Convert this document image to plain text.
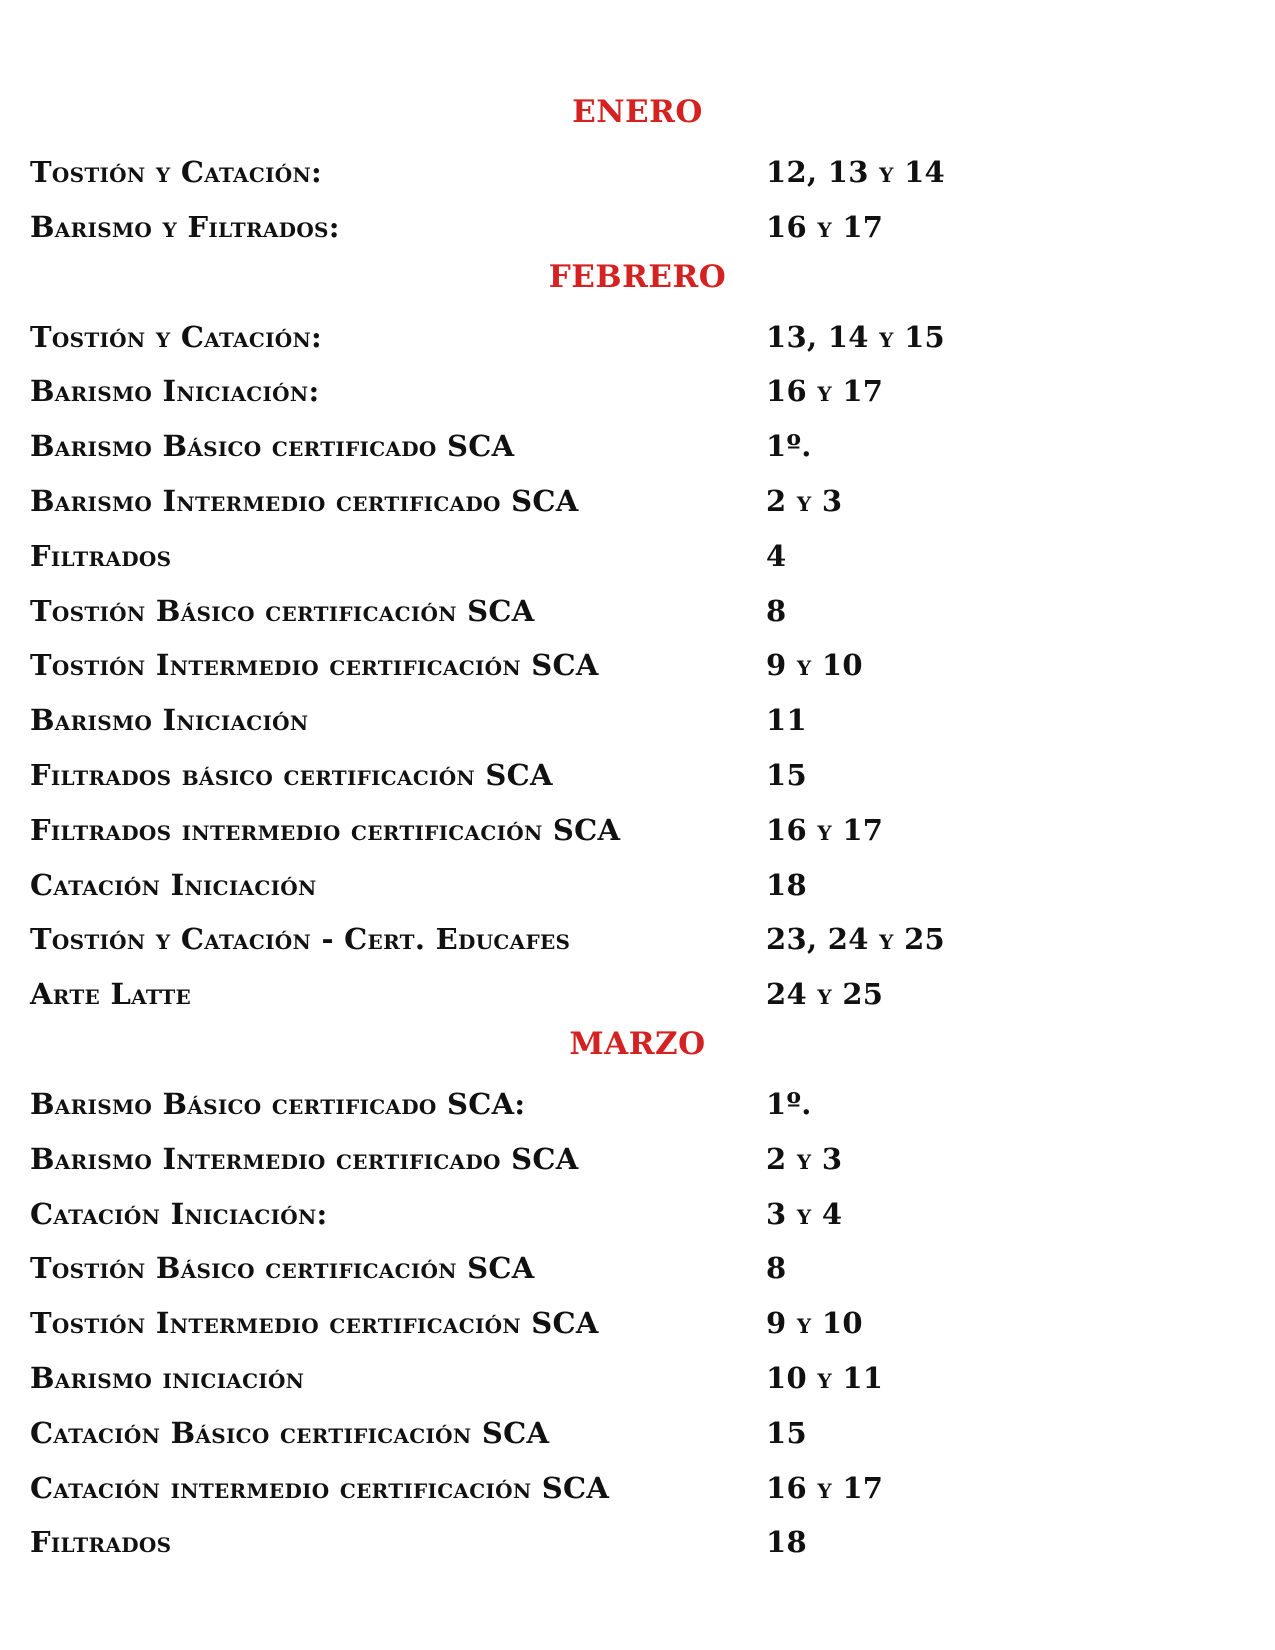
ENERO
Tostión y Catación:	12, 13 y 14
Barismo y Filtrados:	16 y 17
FEBRERO
Tostión y Catación:	13, 14 y 15
Barismo Iniciación:	16 y 17
Barismo Básico certificado SCA	1º.
Barismo Intermedio certificado SCA	2 y 3
Filtrados	4
Tostión Básico certificación SCA	8
Tostión Intermedio certificación SCA	9 y 10
Barismo Iniciación	11
Filtrados básico certificación SCA	15
Filtrados intermedio certificación SCA	16 y 17
Catación Iniciación	18
Tostión y Catación - Cert. Educafes	23, 24 y 25
Arte Latte	24 y 25
MARZO
Barismo Básico certificado SCA:	1º.
Barismo Intermedio certificado SCA	2 y 3
Catación Iniciación:	3 y 4
Tostión Básico certificación SCA	8
Tostión Intermedio certificación SCA	9 y 10
Barismo iniciación	10 y 11
Catación Básico certificación SCA	15
Catación intermedio certificación SCA	16 y 17
Filtrados	18
